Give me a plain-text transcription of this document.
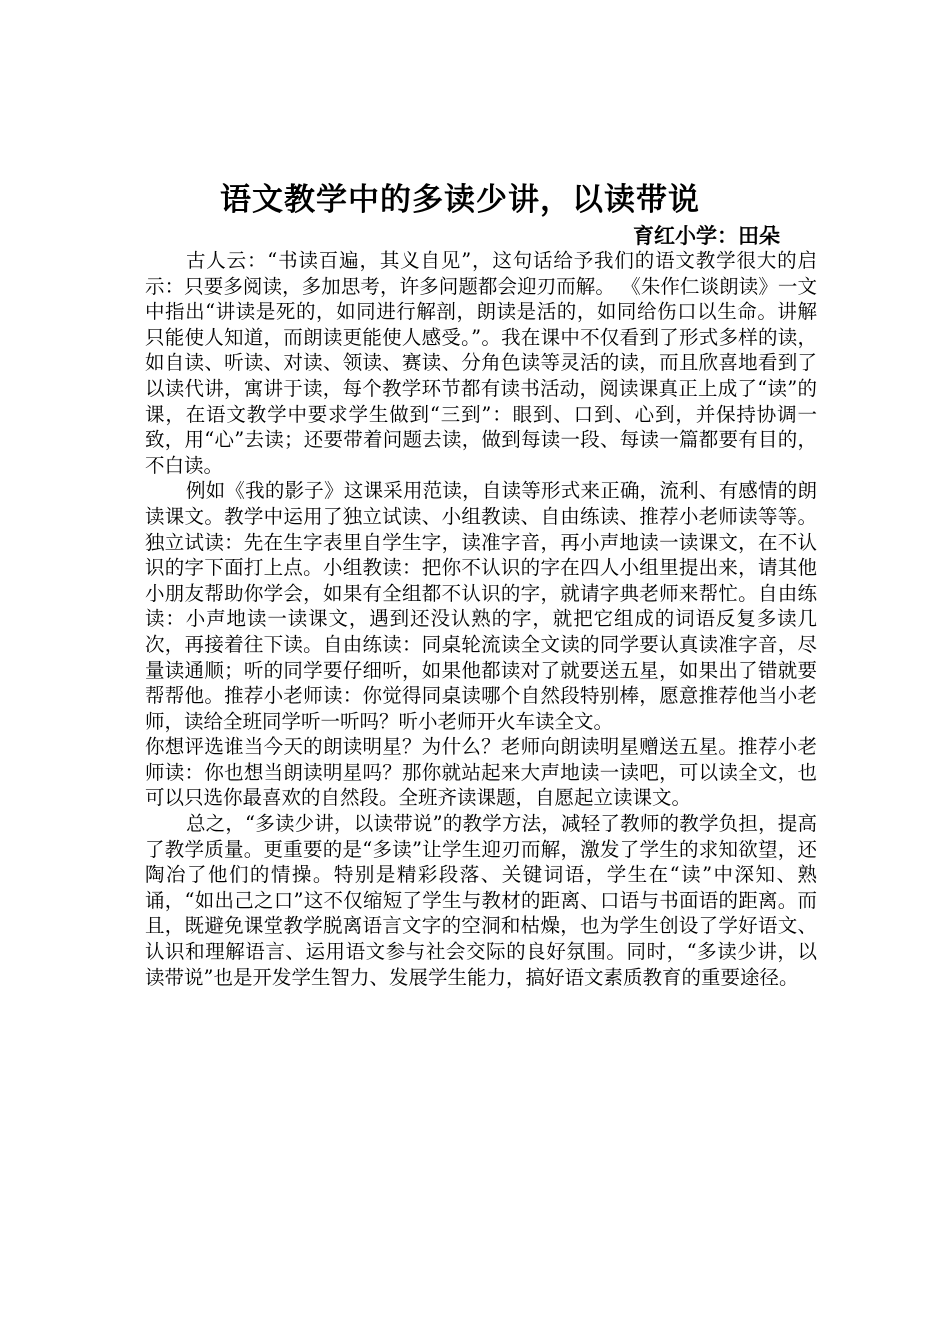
语文教学中的多读少讲，以读带说
育红小学：田朵

古人云：“书读百遍，其义自见”，这句话给予我们的语文教学很大的启示：只要多阅读，多加思考，许多问题都会迎刃而解。 《朱作仁谈朗读》一文中指出“讲读是死的，如同进行解剖，朗读是活的，如同给伤口以生命。讲解只能使人知道，而朗读更能使人感受。”。我在课中不仅看到了形式多样的读，如自读、听读、对读、领读、赛读、分角色读等灵活的读，而且欣喜地看到了以读代讲，寓讲于读，每个教学环节都有读书活动，阅读课真正上成了“读”的课，在语文教学中要求学生做到“三到”：眼到、口到、心到，并保持协调一致，用“心”去读；还要带着问题去读，做到每读一段、每读一篇都要有目的，不白读。

例如《我的影子》这课采用范读，自读等形式来正确，流利、有感情的朗读课文。教学中运用了独立试读、小组教读、自由练读、推荐小老师读等等。独立试读：先在生字表里自学生字，读准字音，再小声地读一读课文，在不认识的字下面打上点。小组教读：把你不认识的字在四人小组里提出来，请其他小朋友帮助你学会，如果有全组都不认识的字，就请字典老师来帮忙。自由练读：小声地读一读课文，遇到还没认熟的字，就把它组成的词语反复多读几次，再接着往下读。自由练读：同桌轮流读全文读的同学要认真读准字音，尽量读通顺；听的同学要仔细听，如果他都读对了就要送五星，如果出了错就要帮帮他。推荐小老师读：你觉得同桌读哪个自然段特别棒，愿意推荐他当小老师，读给全班同学听一听吗？听小老师开火车读全文。

你想评选谁当今天的朗读明星？为什么？老师向朗读明星赠送五星。推荐小老师读：你也想当朗读明星吗？那你就站起来大声地读一读吧，可以读全文，也可以只选你最喜欢的自然段。全班齐读课题，自愿起立读课文。

总之，“多读少讲，以读带说”的教学方法，减轻了教师的教学负担，提高了教学质量。更重要的是“多读”让学生迎刃而解，激发了学生的求知欲望，还陶冶了他们的情操。特别是精彩段落、关键词语，学生在“读”中深知、熟诵，“如出己之口”这不仅缩短了学生与教材的距离、口语与书面语的距离。而且，既避免课堂教学脱离语言文字的空洞和枯燥，也为学生创设了学好语文、认识和理解语言、运用语文参与社会交际的良好氛围。同时，“多读少讲，以读带说”也是开发学生智力、发展学生能力，搞好语文素质教育的重要途径。
